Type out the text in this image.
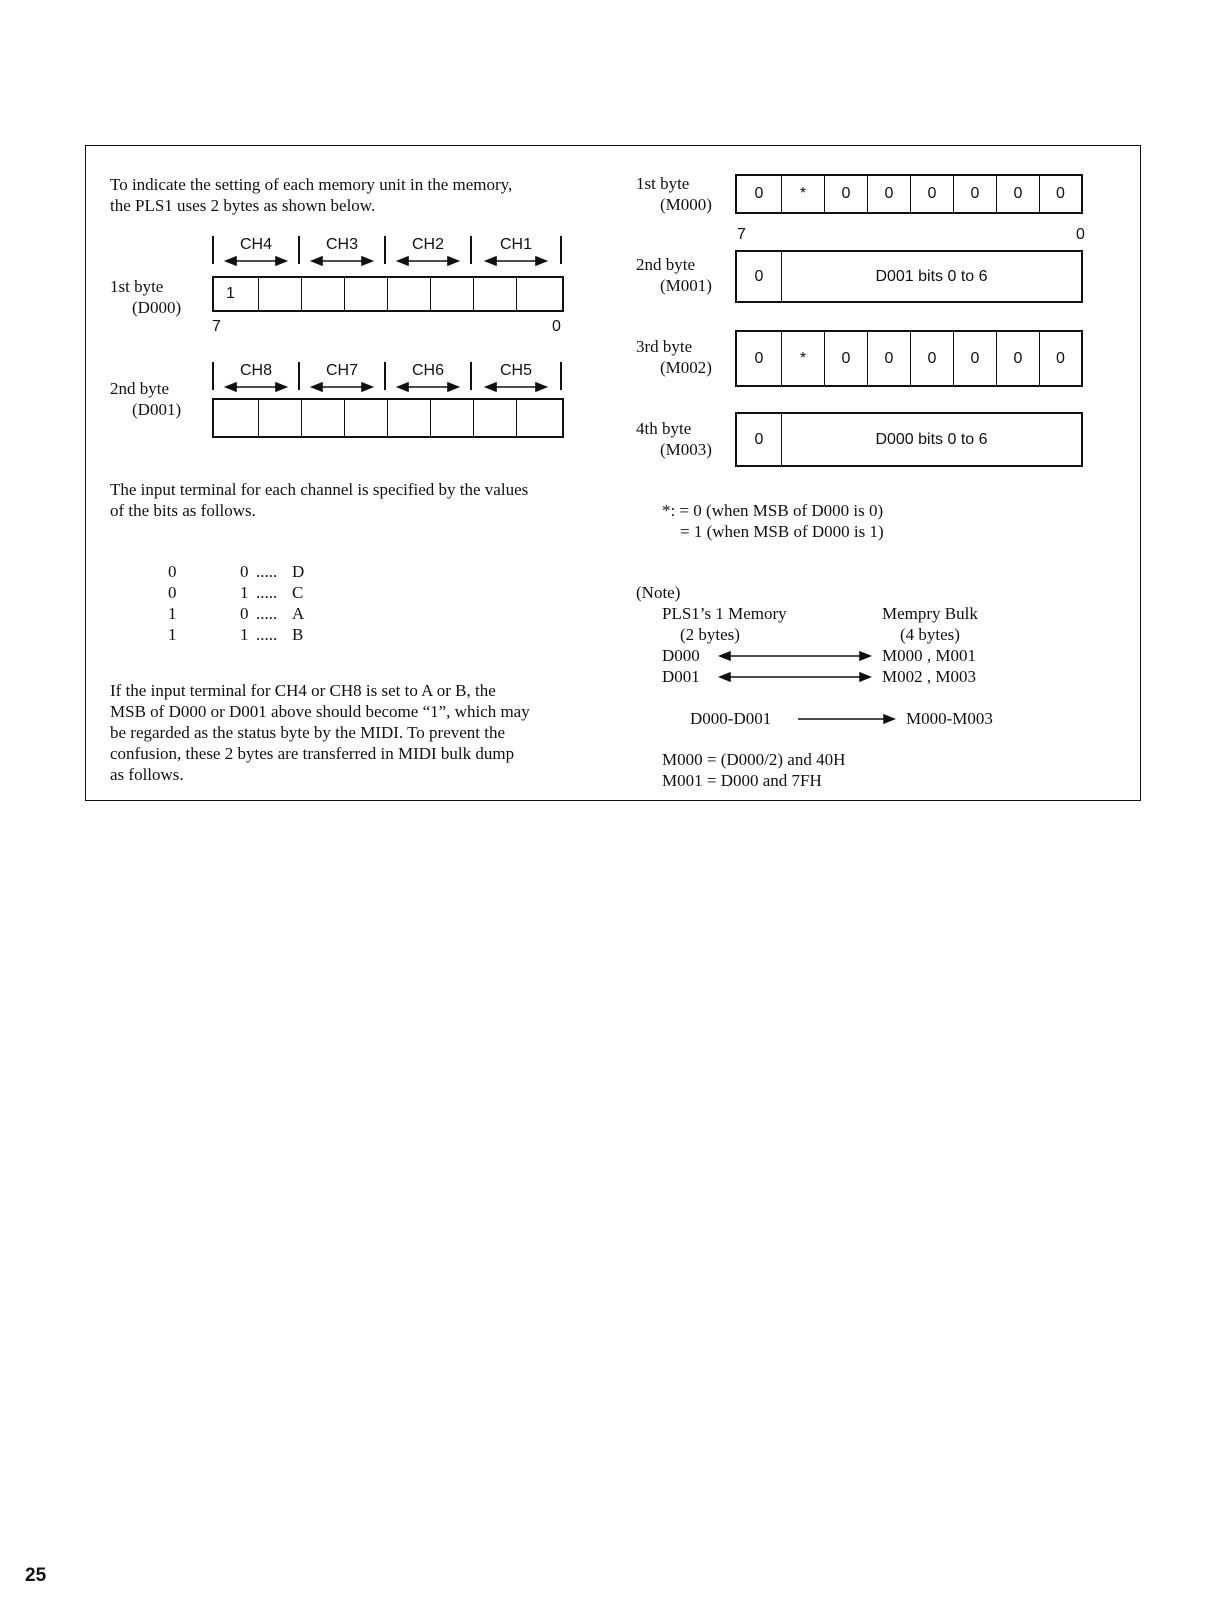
To indicate the setting of each memory unit in the memory,
the PLS1 uses 2 bytes as shown below.
CH4	CH3	CH2	CH1
1st byte
(D000)
1
7	0
CH8	CH7	CH6	CH5
2nd byte
(D001)
The input terminal for each channel is specified by the values
of the bits as follows.
0	0 ..... D
0	1 ..... C
1	0 ..... A
1	1 ..... B
If the input terminal for CH4 or CH8 is set to A or B, the
MSB of D000 or D001 above should become “1”, which may
be regarded as the status byte by the MIDI. To prevent the
confusion, these 2 bytes are transferred in MIDI bulk dump
as follows.
1st byte
(M000)
0	*	0	0	0	0	0	0
7	0
2nd byte
(M001)	0	D001 bits 0 to 6
3rd byte
(M002)	0	*	0	0	0	0	0	0
4th byte
(M003)
0	D000 bits 0 to 6
*: = 0 (when MSB of D000 is 0)
= 1 (when MSB of D000 is 1)
(Note)
PLS1’s 1 Memory
(2 bytes)
Mempry Bulk
(4 bytes)
D000	M000 , M001
D001	M002 , M003
D000-D001	M000-M003
M000 = (D000/2) and 40H
M001 = D000 and 7FH
25
